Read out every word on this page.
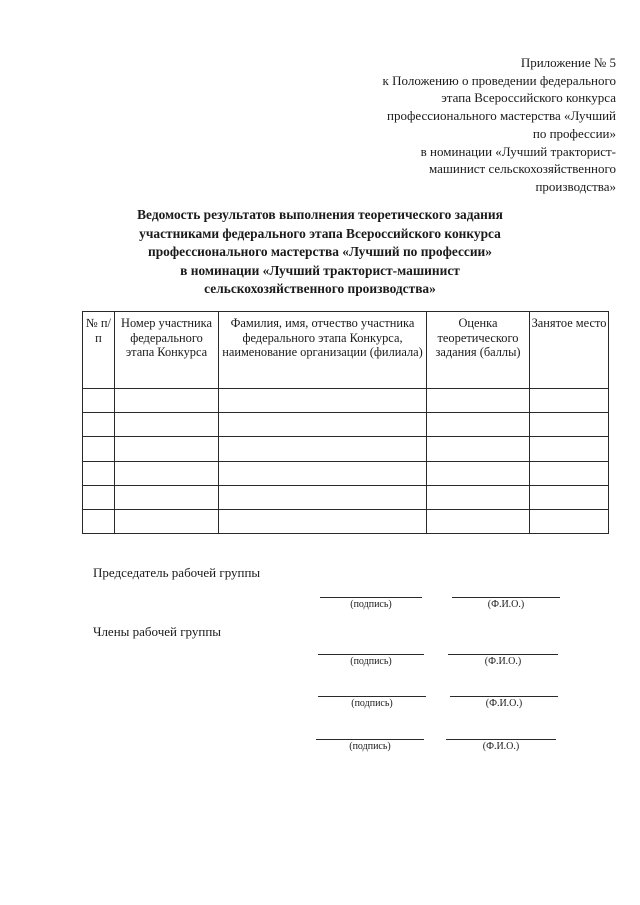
Приложение № 5
к Положению о проведении федерального
этапа Всероссийского конкурса
профессионального мастерства «Лучший
по профессии»
в номинации «Лучший тракторист-
машинист сельскохозяйственного
производства»
Ведомость результатов выполнения теоретического задания
участниками федерального этапа Всероссийского конкурса
профессионального мастерства «Лучший по профессии»
в номинации «Лучший тракторист-машинист
сельскохозяйственного производства»
№ п/п	Номер участника федерального этапа Конкурса	Фамилия, имя, отчество участника федерального этапа Конкурса, наименование организации (филиала)	Оценка теоретического задания (баллы)	Занятое место

Председатель рабочей группы
(подпись)	(Ф.И.О.)
Члены рабочей группы
(подпись)	(Ф.И.О.)
(подпись)	(Ф.И.О.)
(подпись)	(Ф.И.О.)
